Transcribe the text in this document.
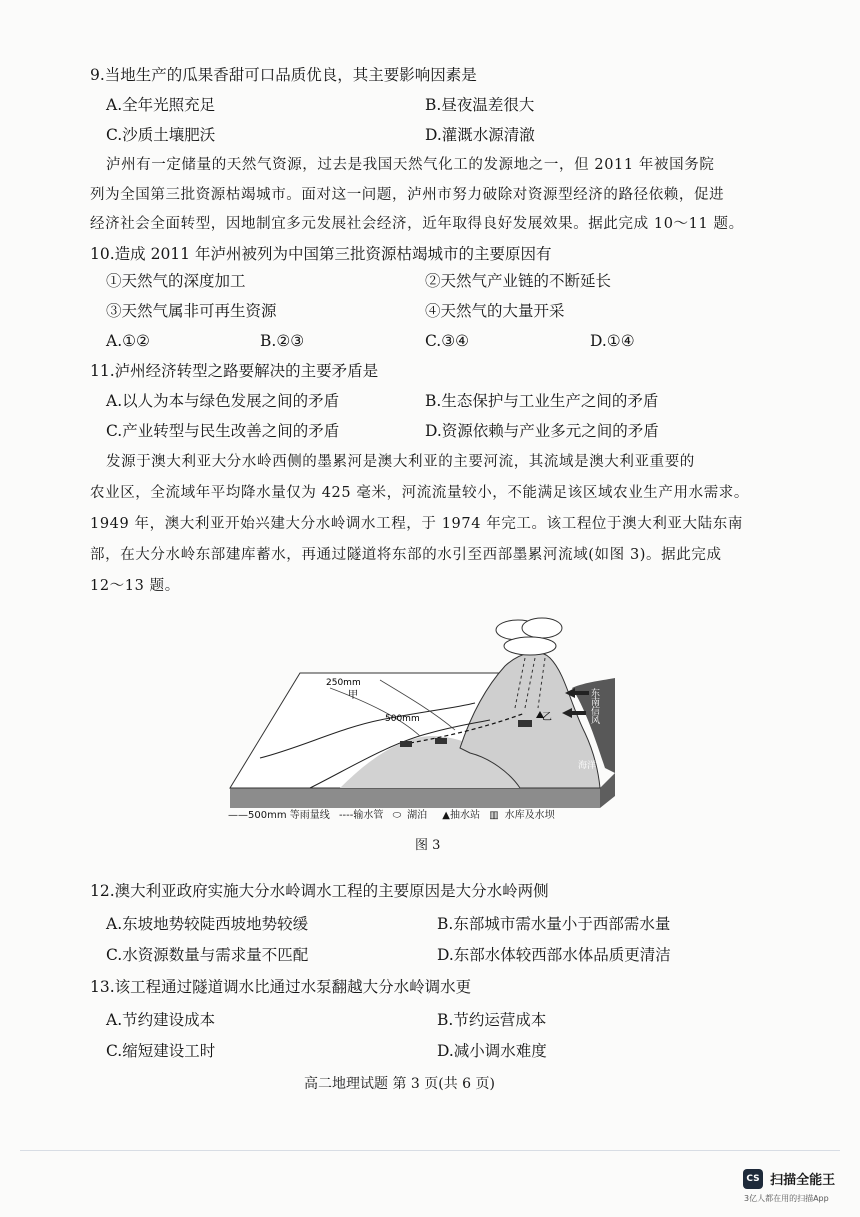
9.当地生产的瓜果香甜可口品质优良，其主要影响因素是
A.全年光照充足	B.昼夜温差很大
C.沙质土壤肥沃	D.灌溉水源清澈
泸州有一定储量的天然气资源，过去是我国天然气化工的发源地之一，但 2011 年被国务院
列为全国第三批资源枯竭城市。面对这一问题，泸州市努力破除对资源型经济的路径依赖，促进
经济社会全面转型，因地制宜多元发展社会经济，近年取得良好发展效果。据此完成 10～11 题。
10.造成 2011 年泸州被列为中国第三批资源枯竭城市的主要原因有
①天然气的深度加工	②天然气产业链的不断延长
③天然气属非可再生资源	④天然气的大量开采
A.①②	B.②③	C.③④	D.①④
11.泸州经济转型之路要解决的主要矛盾是
A.以人为本与绿色发展之间的矛盾	B.生态保护与工业生产之间的矛盾
C.产业转型与民生改善之间的矛盾	D.资源依赖与产业多元之间的矛盾
发源于澳大利亚大分水岭西侧的墨累河是澳大利亚的主要河流，其流域是澳大利亚重要的
农业区，全流域年平均降水量仅为 425 毫米，河流流量较小，不能满足该区域农业生产用水需求。
1949 年，澳大利亚开始兴建大分水岭调水工程，于 1974 年完工。该工程位于澳大利亚大陆东南
部，在大分水岭东部建库蓄水，再通过隧道将东部的水引至西部墨累河流域(如图 3)。据此完成
12～13 题。
250mm
甲
500mm	乙	东南信风
海洋
——500mm 等雨量线 ----输水管 ⬭ 湖泊 ▲抽水站 ▥ 水库及水坝
图 3
12.澳大利亚政府实施大分水岭调水工程的主要原因是大分水岭两侧
A.东坡地势较陡西坡地势较缓	B.东部城市需水量小于西部需水量
C.水资源数量与需求量不匹配	D.东部水体较西部水体品质更清洁
13.该工程通过隧道调水比通过水泵翻越大分水岭调水更
A.节约建设成本	B.节约运营成本
C.缩短建设工时	D.减小调水难度
高二地理试题 第 3 页(共 6 页)
CS 扫描全能王
3亿人都在用的扫描App
